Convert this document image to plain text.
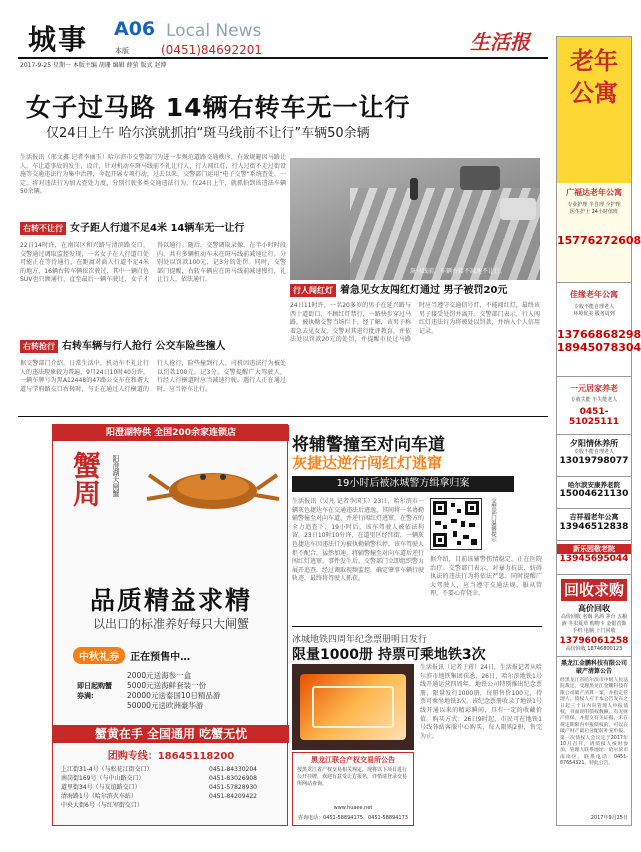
城事 A06 Local News
本版	(0451)84692201	生活报
2017-9-25 星期一 本版主编 胡珊 编辑 薛萤 版式 赵博
女子过马路 14辆右转车无一让行
仅24日上午 哈尔滨就抓拍“斑马线前不让行”车辆50余辆
生活报讯（邢文鑫 记者李丽玉）哈尔滨市交警部门为进一步规范道路交通秩序，有效规避因马路让人，车让道事故的发生，设计，针对机动车斑马线前不礼让行人，行人闯红灯，行人过街不走过街设施等交通违法行为集中治理，今起开展专项行动，过去以来，交警部门运用“电子交警”系统查处，一定，将对违法行为加大查处力度，分别行驶多类交通违法行为，仅24日上午，就抓拍到该违法车辆50余辆。
斑马线前，车辆右转不减速不让行。
右转不让行 女子距人行道不足4米 14辆车无一让行
22日14时许，在南岗区和兴路与清滨路交口，交警通过调取监控发现，一名女子在人行道口处可能正在等待通行，在距离对面人行道不足4米的地方，16辆右转车辆依次驶过，其中一辆白色SUV也只顾通行，直至最后一辆车驶过，女子才得以通行。随后，交警调取录像，在半小时时段内，共有多辆机动车未在斑马线前减速让行，分别处以罚款100元、记3分的处罚。同时，交警部门提醒，右转车辆应在斑马线前减速慢行，礼让行人，依法通行。
行人闯红灯 着急见女友闯红灯通过 男子被罚20元
24日11时许，一名20多岁的男子在延兴路与西十道街口，不顾红灯禁行，一路快步穿过马路，被执勤交警当场拦下。经了解，该男子称着急去见女友，交警对其进行批评教育，并依法处以罚款20元的处罚，并提醒市民过马路时应当遵守交通信号灯，不能闯红灯，最终该男子接受处罚并离开。交警部门表示，行人闯红灯违法行为将被处以罚款，并纳入个人信用记录。
右转抢行 右转车辆与行人抢行 公交车险些撞人
据交警部门介绍，日常生活中，机动车不礼让行人的违法现象较为普遍，9月24日10时40分许，一辆车牌号为黑A12448的47路公交车在和谐大道与学府路交口右转时，与正在通过人行横道的行人抢行，险些撞到行人。司机因违法行为被处以罚款100元，记3分。交警提醒广大驾驶人，行经人行横道时应当减速行驶，遇行人正在通过时，应当停车让行。
阳澄湖特供 全国200余家连锁店
蟹周 阳澄湖大闸蟹
品质精益求精
以出口的标准养好每只大闸蟹
中秋礼券 正在预售中…
即日起购蟹券满:
2000元送海参一盒
5000元送海鲜套装一份
20000元送泰国10日精品游
50000元送欧洲豪华游
蟹黄在手 全国通用 吃蟹无忧
团购专线：18645118200
上江街31-4号（与松花江街交口）
南岗街169号（与中山路交口）
道里街34号（与友谊路交口）
清海路1号（哈尔滨火车站）
中央大街6号（与红军街交口）
0451-84330204
0451-83026908
0451-57828930
0451-84209422
将辅警撞至对向车道
灰捷达逆行闯红灯逃窜
19小时后被冰城警方缉拿归案
生活报讯（吴凡 记者李国玉）23日，哈尔滨市一辆灰色捷达车在交通违法后逃逸，其间将一名协勤辅警撞至对向车道，并逆行闯红灯逃窜，在警方的全力追查下，19小时后，该车驾驶人被依法拘留。23日10时10分许，在道里区经纬街，一辆灰色捷达车因违法行为被执勤辅警拦停，该车驾驶人拒不配合，猛然加速，将辅警撞至对向车道后逆行闯红灯逃窜。事件发生后，交警部门立即组织警力展开追查，经过调取视频监控，确定肇事车辆行驶轨迹，最终将驾驶人抓获。
交警部门温馨提示
据介绍，目前该辅警伤情稳定，正在医院治疗。交警部门表示，对暴力抗法、妨碍执法的违法行为将依法严惩，同时提醒广大驾驶人，应当遵守交通法规，服从管理，不要心存侥幸。
冰城地铁四周年纪念票册明日发行
限量1000册 持票可乘地铁3次
黑龙江联合产权交易所公告
按黑龙江省产权交易相关规定，现将以下项目进行公开挂牌，欢迎有意受让方报名，详情请登录交易所网站查询。
www.huaee.net
咨询电话：0451-58894175、0451-58894173
生活报讯（记者于蒋）24日，生活报记者从哈尔滨市地铁集团获悉，26日，哈尔滨地铁1号线开通运营四周年，地铁公司特别推出纪念票册，限量发行1000册，每册售价100元，持票可乘坐地铁3次。该纪念票册收录了地铁1号线开通以来的精彩瞬间，具有一定的收藏价值。购买方式：26日9时起，市民可在地铁1号线各站客服中心购买，每人限购2册，售完为止。
老年公寓
广福达老年公寓
专业护理 半自理 全护理
医生护士 24小时值班
15776272608
佳缘老年公寓
专收不能自理老人
环境优美 服务周到
13766868298
18945078304
一元居家养老
专收失能 半失能老人
0451-51025111
夕阳情休养所
专收不能自理老人
13019798077
哈尔滨安康养老院
15004621130
吉祥福老年公寓
13946512838
新乐园敬老院
13945695044
回收求购
高价回收
高价回收 名烟 名酒 茅台 五粮液 冬虫夏草 购物卡 金银首饰 手机 电脑 上门回收
13796061258
高价回收 18746800123
黑龙江金鹏科技有限公司破产清算公告
经黑龙江省哈尔滨市中级人民法院裁定，受理黑龙江金鹏科技有限公司破产清算一案，并指定管理人。债权人应于本公告发布之日起三十日内向管理人申报债权，书面说明债权数额、有无财产担保，并提交有关证据。未在规定期限内申报债权的，可以在破产财产最后分配前补充申报。第一次债权人会议定于2017年10月召开，请债权人按时参加。管理人联系地址：哈尔滨市南岗区，联系电话：0451-87654321。特此公告。
2017年9月25日
